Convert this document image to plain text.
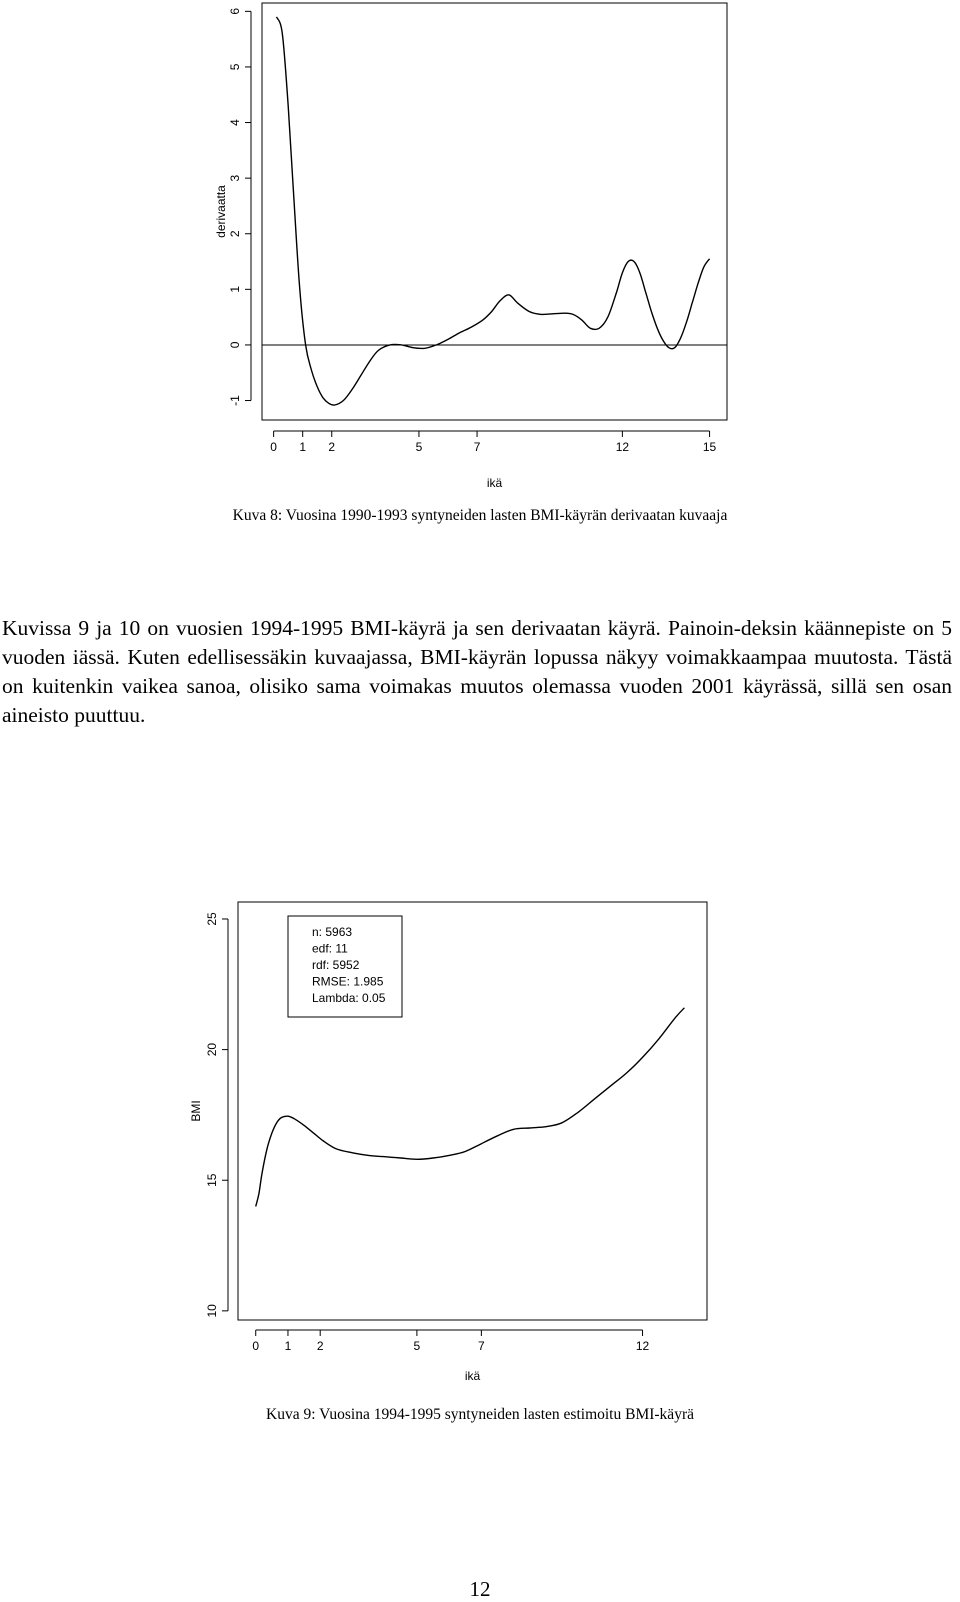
0 1 2	5	7	12	15
ikä
-1
0
1
2
3
4
5
6
derivaatta
Kuva 8: Vuosina 1990-1993 syntyneiden lasten BMI-käyrän derivaatan kuvaaja

Kuvissa 9 ja 10 on vuosien 1994-1995 BMI-käyrä ja sen derivaatan käyrä. Painoin-deksin käännepiste on 5 vuoden iässä. Kuten edellisessäkin kuvaajassa, BMI-käyrän lopussa näkyy voimakkaampaa muutosta. Tästä on kuitenkin vaikea sanoa, olisiko sama voimakas muutos olemassa vuoden 2001 käyrässä, sillä sen osan aineisto puuttuu.

0 1 2	5	7	12
ikä
10
15
20
25
BMI
n: 5963
edf: 11
rdf: 5952
RMSE: 1.985
Lambda: 0.05
Kuva 9: Vuosina 1994-1995 syntyneiden lasten estimoitu BMI-käyrä
12
